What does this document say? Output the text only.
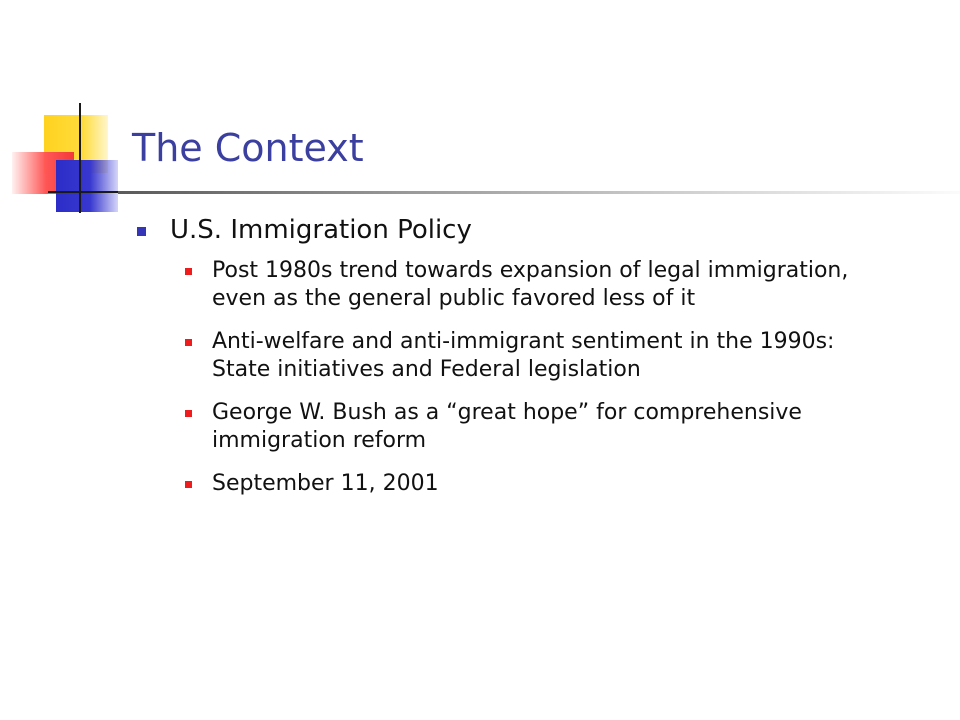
The Context
U.S. Immigration Policy
Post 1980s trend towards expansion of legal immigration, even as the general public favored less of it
Anti-welfare and anti-immigrant sentiment in the 1990s: State initiatives and Federal legislation
George W. Bush as a “great hope” for comprehensive immigration reform
September 11, 2001
